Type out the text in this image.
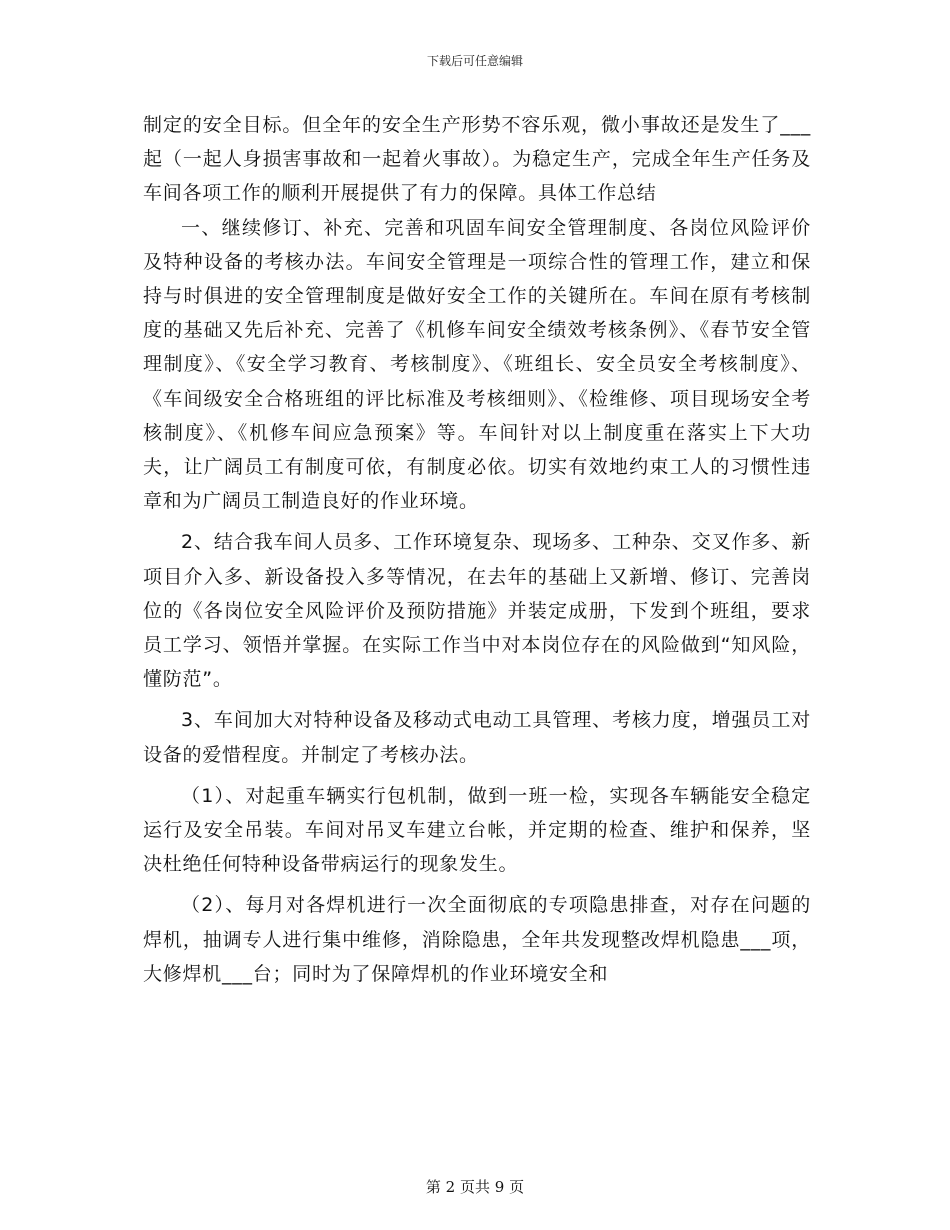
下载后可任意编辑

制定的安全目标。但全年的安全生产形势不容乐观，微小事故还是发生了___起（一起人身损害事故和一起着火事故）。为稳定生产，完成全年生产任务及车间各项工作的顺利开展提供了有力的保障。具体工作总结

一、继续修订、补充、完善和巩固车间安全管理制度、各岗位风险评价及特种设备的考核办法。车间安全管理是一项综合性的管理工作，建立和保持与时俱进的安全管理制度是做好安全工作的关键所在。车间在原有考核制度的基础又先后补充、完善了《机修车间安全绩效考核条例》、《春节安全管理制度》、《安全学习教育、考核制度》、《班组长、安全员安全考核制度》、《车间级安全合格班组的评比标准及考核细则》、《检维修、项目现场安全考核制度》、《机修车间应急预案》等。车间针对以上制度重在落实上下大功夫，让广阔员工有制度可依，有制度必依。切实有效地约束工人的习惯性违章和为广阔员工制造良好的作业环境。

2、结合我车间人员多、工作环境复杂、现场多、工种杂、交叉作多、新项目介入多、新设备投入多等情况，在去年的基础上又新增、修订、完善岗位的《各岗位安全风险评价及预防措施》并装定成册，下发到个班组，要求员工学习、领悟并掌握。在实际工作当中对本岗位存在的风险做到“知风险，懂防范”。

3、车间加大对特种设备及移动式电动工具管理、考核力度，增强员工对设备的爱惜程度。并制定了考核办法。

（1）、对起重车辆实行包机制，做到一班一检，实现各车辆能安全稳定运行及安全吊装。车间对吊叉车建立台帐，并定期的检查、维护和保养，坚决杜绝任何特种设备带病运行的现象发生。

（2）、每月对各焊机进行一次全面彻底的专项隐患排查，对存在问题的焊机，抽调专人进行集中维修，消除隐患，全年共发现整改焊机隐患___项，大修焊机___台；同时为了保障焊机的作业环境安全和

第 2 页共 9 页
